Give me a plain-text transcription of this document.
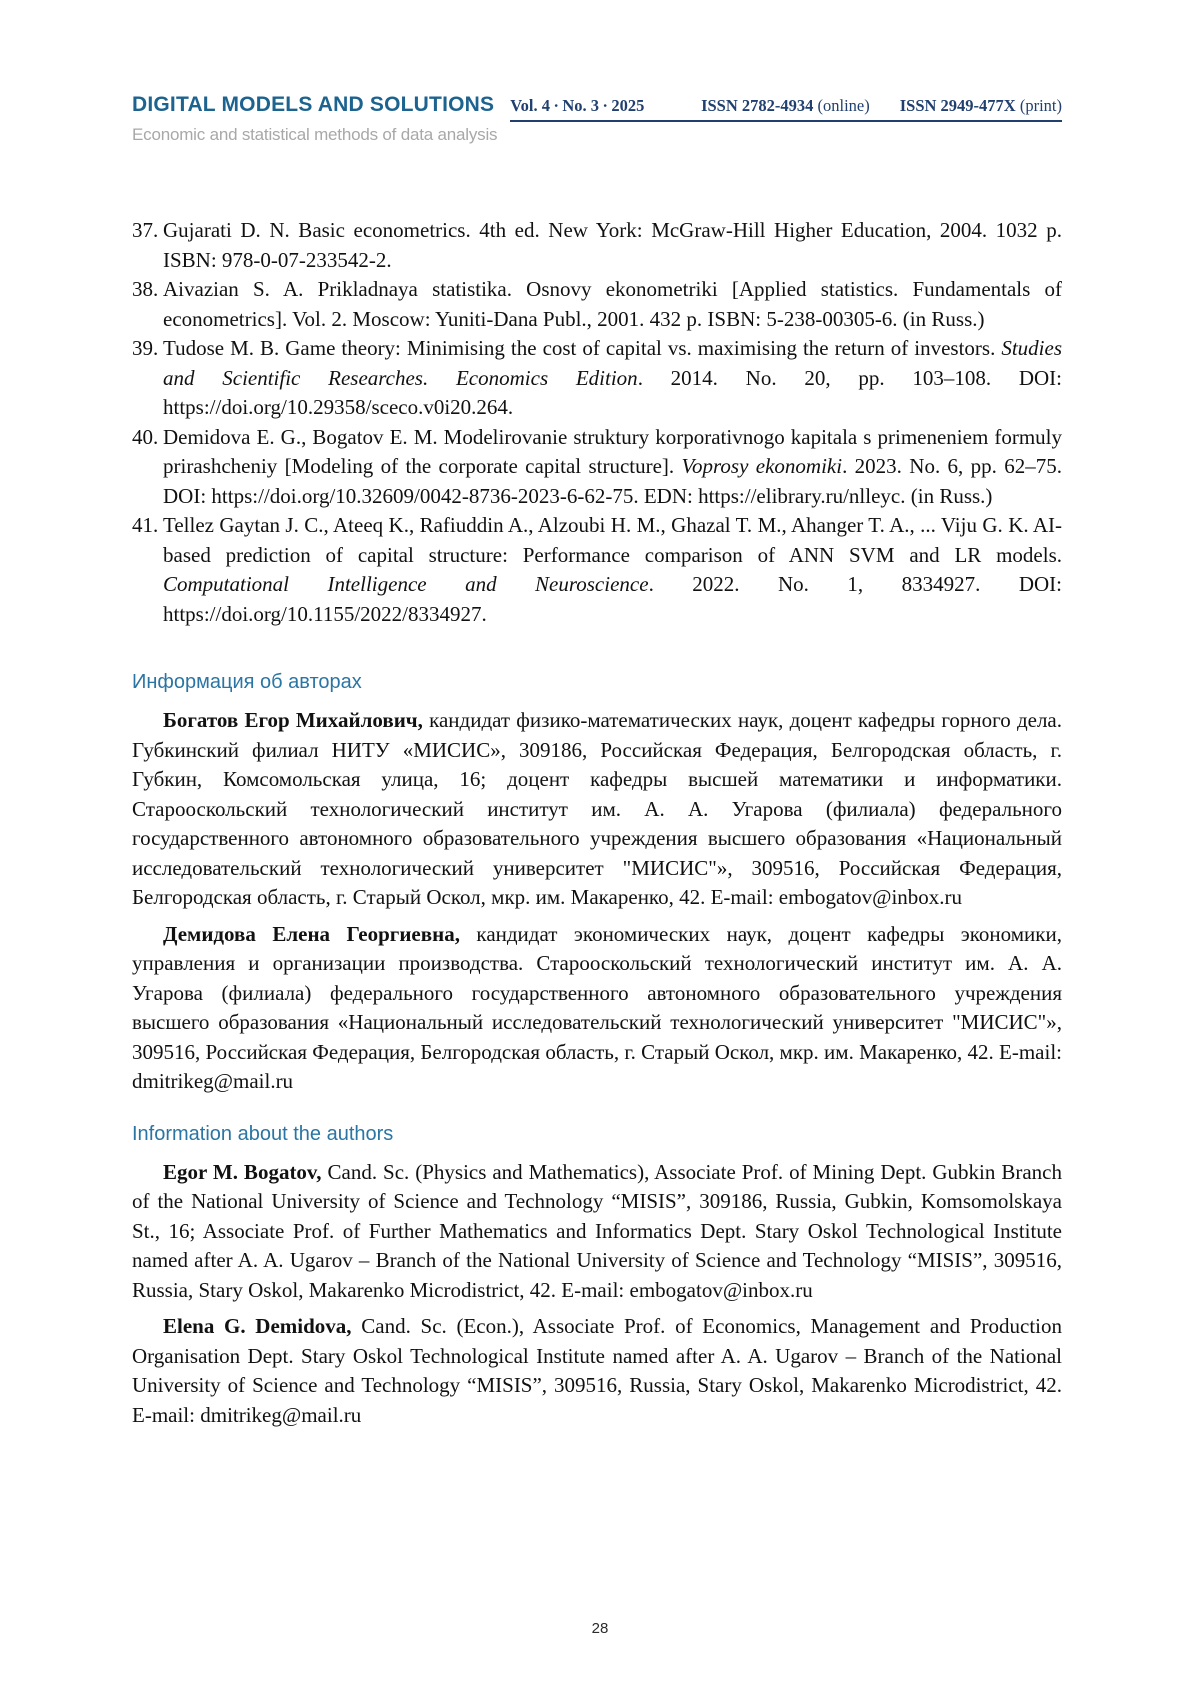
DIGITAL MODELS AND SOLUTIONS Vol. 4 ∙ No. 3 ∙ 2025	ISSN 2782-4934 (online) ISSN 2949-477X (print)
Economic and statistical methods of data analysis
37. Gujarati D. N. Basic econometrics. 4th ed. New York: McGraw-Hill Higher Education, 2004. 1032 p. ISBN: 978-0-07-233542-2.
38. Aivazian S. A. Prikladnaya statistika. Osnovy ekonometriki [Applied statistics. Fundamentals of econometrics]. Vol. 2. Moscow: Yuniti-Dana Publ., 2001. 432 p. ISBN: 5-238-00305-6. (in Russ.)
39. Tudose M. B. Game theory: Minimising the cost of capital vs. maximising the return of investors. Studies and Scientific Researches. Economics Edition. 2014. No. 20, pp. 103–108. DOI: https://doi.org/10.29358/sceco.v0i20.264.
40. Demidova E. G., Bogatov E. M. Modelirovanie struktury korporativnogo kapitala s primeneniem formuly prirashcheniy [Modeling of the corporate capital structure]. Voprosy ekonomiki. 2023. No. 6, pp. 62–75. DOI: https://doi.org/10.32609/0042-8736-2023-6-62-75. EDN: https://elibrary.ru/nlleyc. (in Russ.)
41. Tellez Gaytan J. C., Ateeq K., Rafiuddin A., Alzoubi H. M., Ghazal T. M., Ahanger T. A., ... Viju G. K. AI-based prediction of capital structure: Performance comparison of ANN SVM and LR models. Computational Intelligence and Neuroscience. 2022. No. 1, 8334927. DOI: https://doi.org/10.1155/2022/8334927.
Информация об авторах

Богатов Егор Михайлович, кандидат физико-математических наук, доцент кафедры горного дела. Губкинский филиал НИТУ «МИСИС», 309186, Российская Федерация, Белгородская область, г. Губкин, Комсомольская улица, 16; доцент кафедры высшей математики и информатики. Старооскольский технологический институт им. А. А. Угарова (филиала) федерального государственного автономного образовательного учреждения высшего образования «Национальный исследовательский технологический университет "МИСИС"», 309516, Российская Федерация, Белгородская область, г. Старый Оскол, мкр. им. Макаренко, 42. E-mail: embogatov@inbox.ru

Демидова Елена Георгиевна, кандидат экономических наук, доцент кафедры экономики, управления и организации производства. Старооскольский технологический институт им. А. А. Угарова (филиала) федерального государственного автономного образовательного учреждения высшего образования «Национальный исследовательский технологический университет "МИСИС"», 309516, Российская Федерация, Белгородская область, г. Старый Оскол, мкр. им. Макаренко, 42. E-mail: dmitrikeg@mail.ru

Information about the authors

Egor M. Bogatov, Cand. Sc. (Physics and Mathematics), Associate Prof. of Mining Dept. Gubkin Branch of the National University of Science and Technology “MISIS”, 309186, Russia, Gubkin, Komsomolskaya St., 16; Associate Prof. of Further Mathematics and Informatics Dept. Stary Oskol Technological Institute named after A. A. Ugarov – Branch of the National University of Science and Technology “MISIS”, 309516, Russia, Stary Oskol, Makarenko Microdistrict, 42. E-mail: embogatov@inbox.ru

Elena G. Demidova, Cand. Sc. (Econ.), Associate Prof. of Economics, Management and Production Organisation Dept. Stary Oskol Technological Institute named after A. A. Ugarov – Branch of the National University of Science and Technology “MISIS”, 309516, Russia, Stary Oskol, Makarenko Microdistrict, 42. E-mail: dmitrikeg@mail.ru

28
